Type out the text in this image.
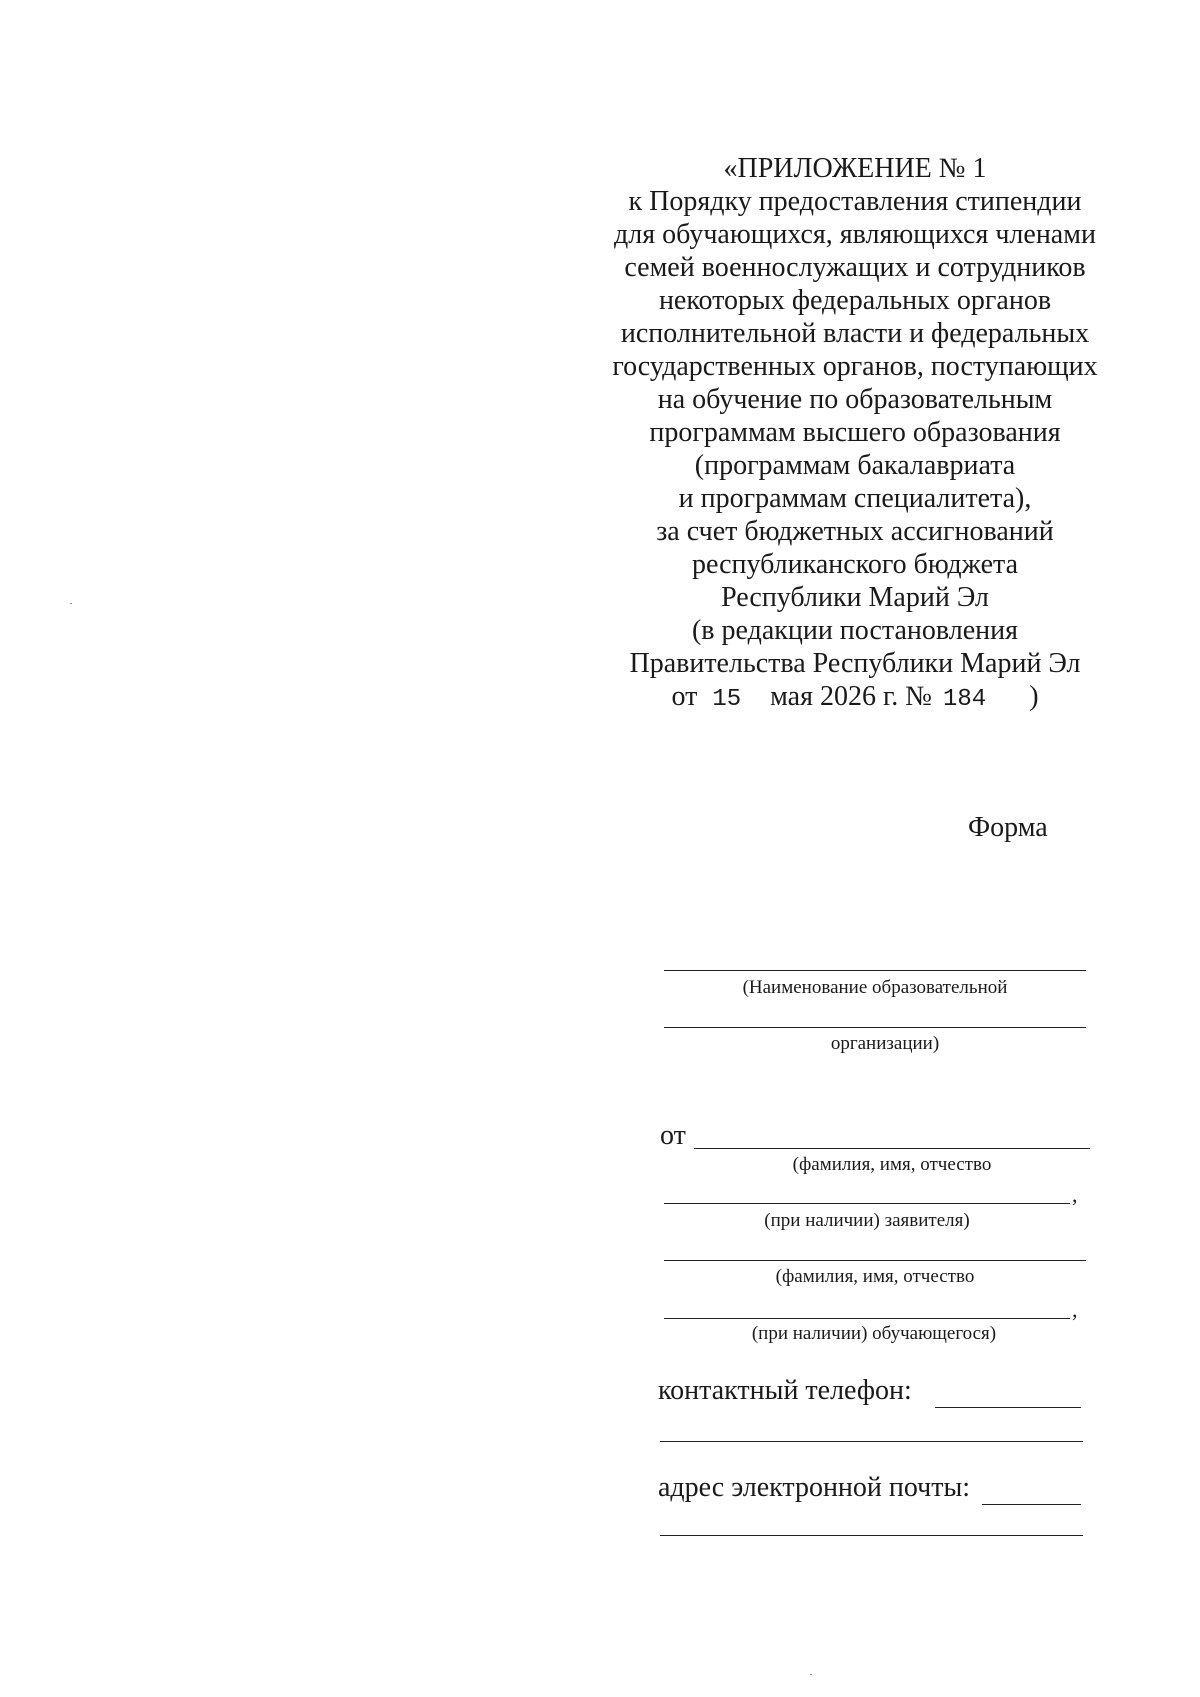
«ПРИЛОЖЕНИЕ № 1
к Порядку предоставления стипендии
для обучающихся, являющихся членами
семей военнослужащих и сотрудников
некоторых федеральных органов
исполнительной власти и федеральных
государственных органов, поступающих
на обучение по образовательным
программам высшего образования
(программам бакалавриата
и программам специалитета),
за счет бюджетных ассигнований
республиканского бюджета
Республики Марий Эл
(в редакции постановления
Правительства Республики Марий Эл
от 15 мая 2026 г. № 184 )
Форма
(Наименование образовательной
организации)
от
(фамилия, имя, отчество
,
(при наличии) заявителя)
(фамилия, имя, отчество
,
(при наличии) обучающегося)
контактный телефон:
адрес электронной почты:
